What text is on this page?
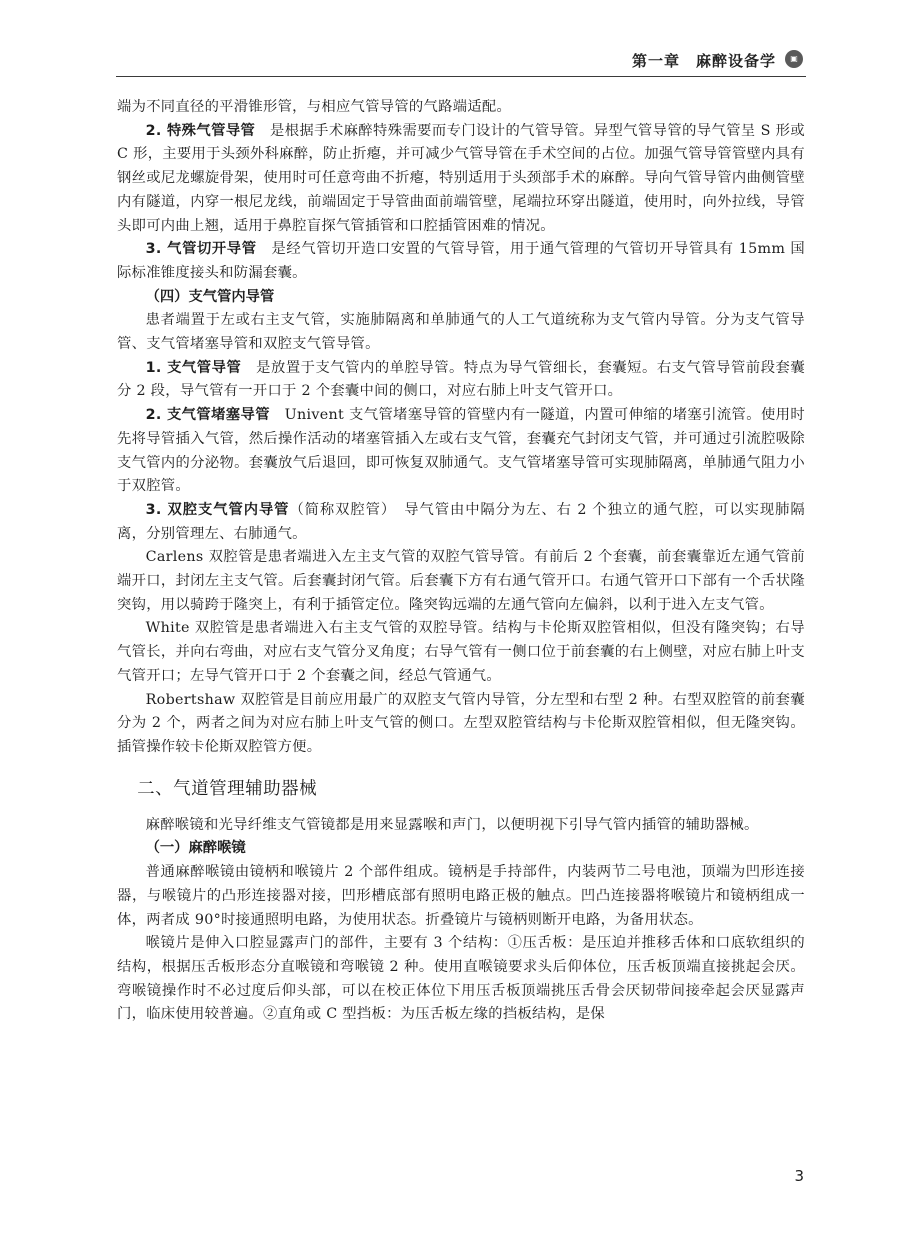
第一章　麻醉设备学	▣

端为不同直径的平滑锥形管，与相应气管导管的气路端适配。

2. 特殊气管导管　是根据手术麻醉特殊需要而专门设计的气管导管。异型气管导管的导气管呈 S 形或 C 形，主要用于头颈外科麻醉，防止折瘪，并可减少气管导管在手术空间的占位。加强气管导管管壁内具有钢丝或尼龙螺旋骨架，使用时可任意弯曲不折瘪，特别适用于头颈部手术的麻醉。导向气管导管内曲侧管壁内有隧道，内穿一根尼龙线，前端固定于导管曲面前端管壁，尾端拉环穿出隧道，使用时，向外拉线，导管头即可内曲上翘，适用于鼻腔盲探气管插管和口腔插管困难的情况。

3. 气管切开导管　是经气管切开造口安置的气管导管，用于通气管理的气管切开导管具有 15mm 国际标准锥度接头和防漏套囊。

（四）支气管内导管

患者端置于左或右主支气管，实施肺隔离和单肺通气的人工气道统称为支气管内导管。分为支气管导管、支气管堵塞导管和双腔支气管导管。

1. 支气管导管　是放置于支气管内的单腔导管。特点为导气管细长，套囊短。右支气管导管前段套囊分 2 段，导气管有一开口于 2 个套囊中间的侧口，对应右肺上叶支气管开口。

2. 支气管堵塞导管　Univent 支气管堵塞导管的管壁内有一隧道，内置可伸缩的堵塞引流管。使用时先将导管插入气管，然后操作活动的堵塞管插入左或右支气管，套囊充气封闭支气管，并可通过引流腔吸除支气管内的分泌物。套囊放气后退回，即可恢复双肺通气。支气管堵塞导管可实现肺隔离，单肺通气阻力小于双腔管。

3. 双腔支气管内导管（简称双腔管）　导气管由中隔分为左、右 2 个独立的通气腔，可以实现肺隔离，分别管理左、右肺通气。

Carlens 双腔管是患者端进入左主支气管的双腔气管导管。有前后 2 个套囊，前套囊靠近左通气管前端开口，封闭左主支气管。后套囊封闭气管。后套囊下方有右通气管开口。右通气管开口下部有一个舌状隆突钩，用以骑跨于隆突上，有利于插管定位。隆突钩远端的左通气管向左偏斜，以利于进入左支气管。

White 双腔管是患者端进入右主支气管的双腔导管。结构与卡伦斯双腔管相似，但没有隆突钩；右导气管长，并向右弯曲，对应右支气管分叉角度；右导气管有一侧口位于前套囊的右上侧壁，对应右肺上叶支气管开口；左导气管开口于 2 个套囊之间，经总气管通气。

Robertshaw 双腔管是目前应用最广的双腔支气管内导管，分左型和右型 2 种。右型双腔管的前套囊分为 2 个，两者之间为对应右肺上叶支气管的侧口。左型双腔管结构与卡伦斯双腔管相似，但无隆突钩。插管操作较卡伦斯双腔管方便。

二、气道管理辅助器械

麻醉喉镜和光导纤维支气管镜都是用来显露喉和声门，以便明视下引导气管内插管的辅助器械。

（一）麻醉喉镜

普通麻醉喉镜由镜柄和喉镜片 2 个部件组成。镜柄是手持部件，内装两节二号电池，顶端为凹形连接器，与喉镜片的凸形连接器对接，凹形槽底部有照明电路正极的触点。凹凸连接器将喉镜片和镜柄组成一体，两者成 90°时接通照明电路，为使用状态。折叠镜片与镜柄则断开电路，为备用状态。

喉镜片是伸入口腔显露声门的部件，主要有 3 个结构：①压舌板：是压迫并推移舌体和口底软组织的结构，根据压舌板形态分直喉镜和弯喉镜 2 种。使用直喉镜要求头后仰体位，压舌板顶端直接挑起会厌。弯喉镜操作时不必过度后仰头部，可以在校正体位下用压舌板顶端挑压舌骨会厌韧带间接牵起会厌显露声门，临床使用较普遍。②直角或 C 型挡板：为压舌板左缘的挡板结构，是保

3
